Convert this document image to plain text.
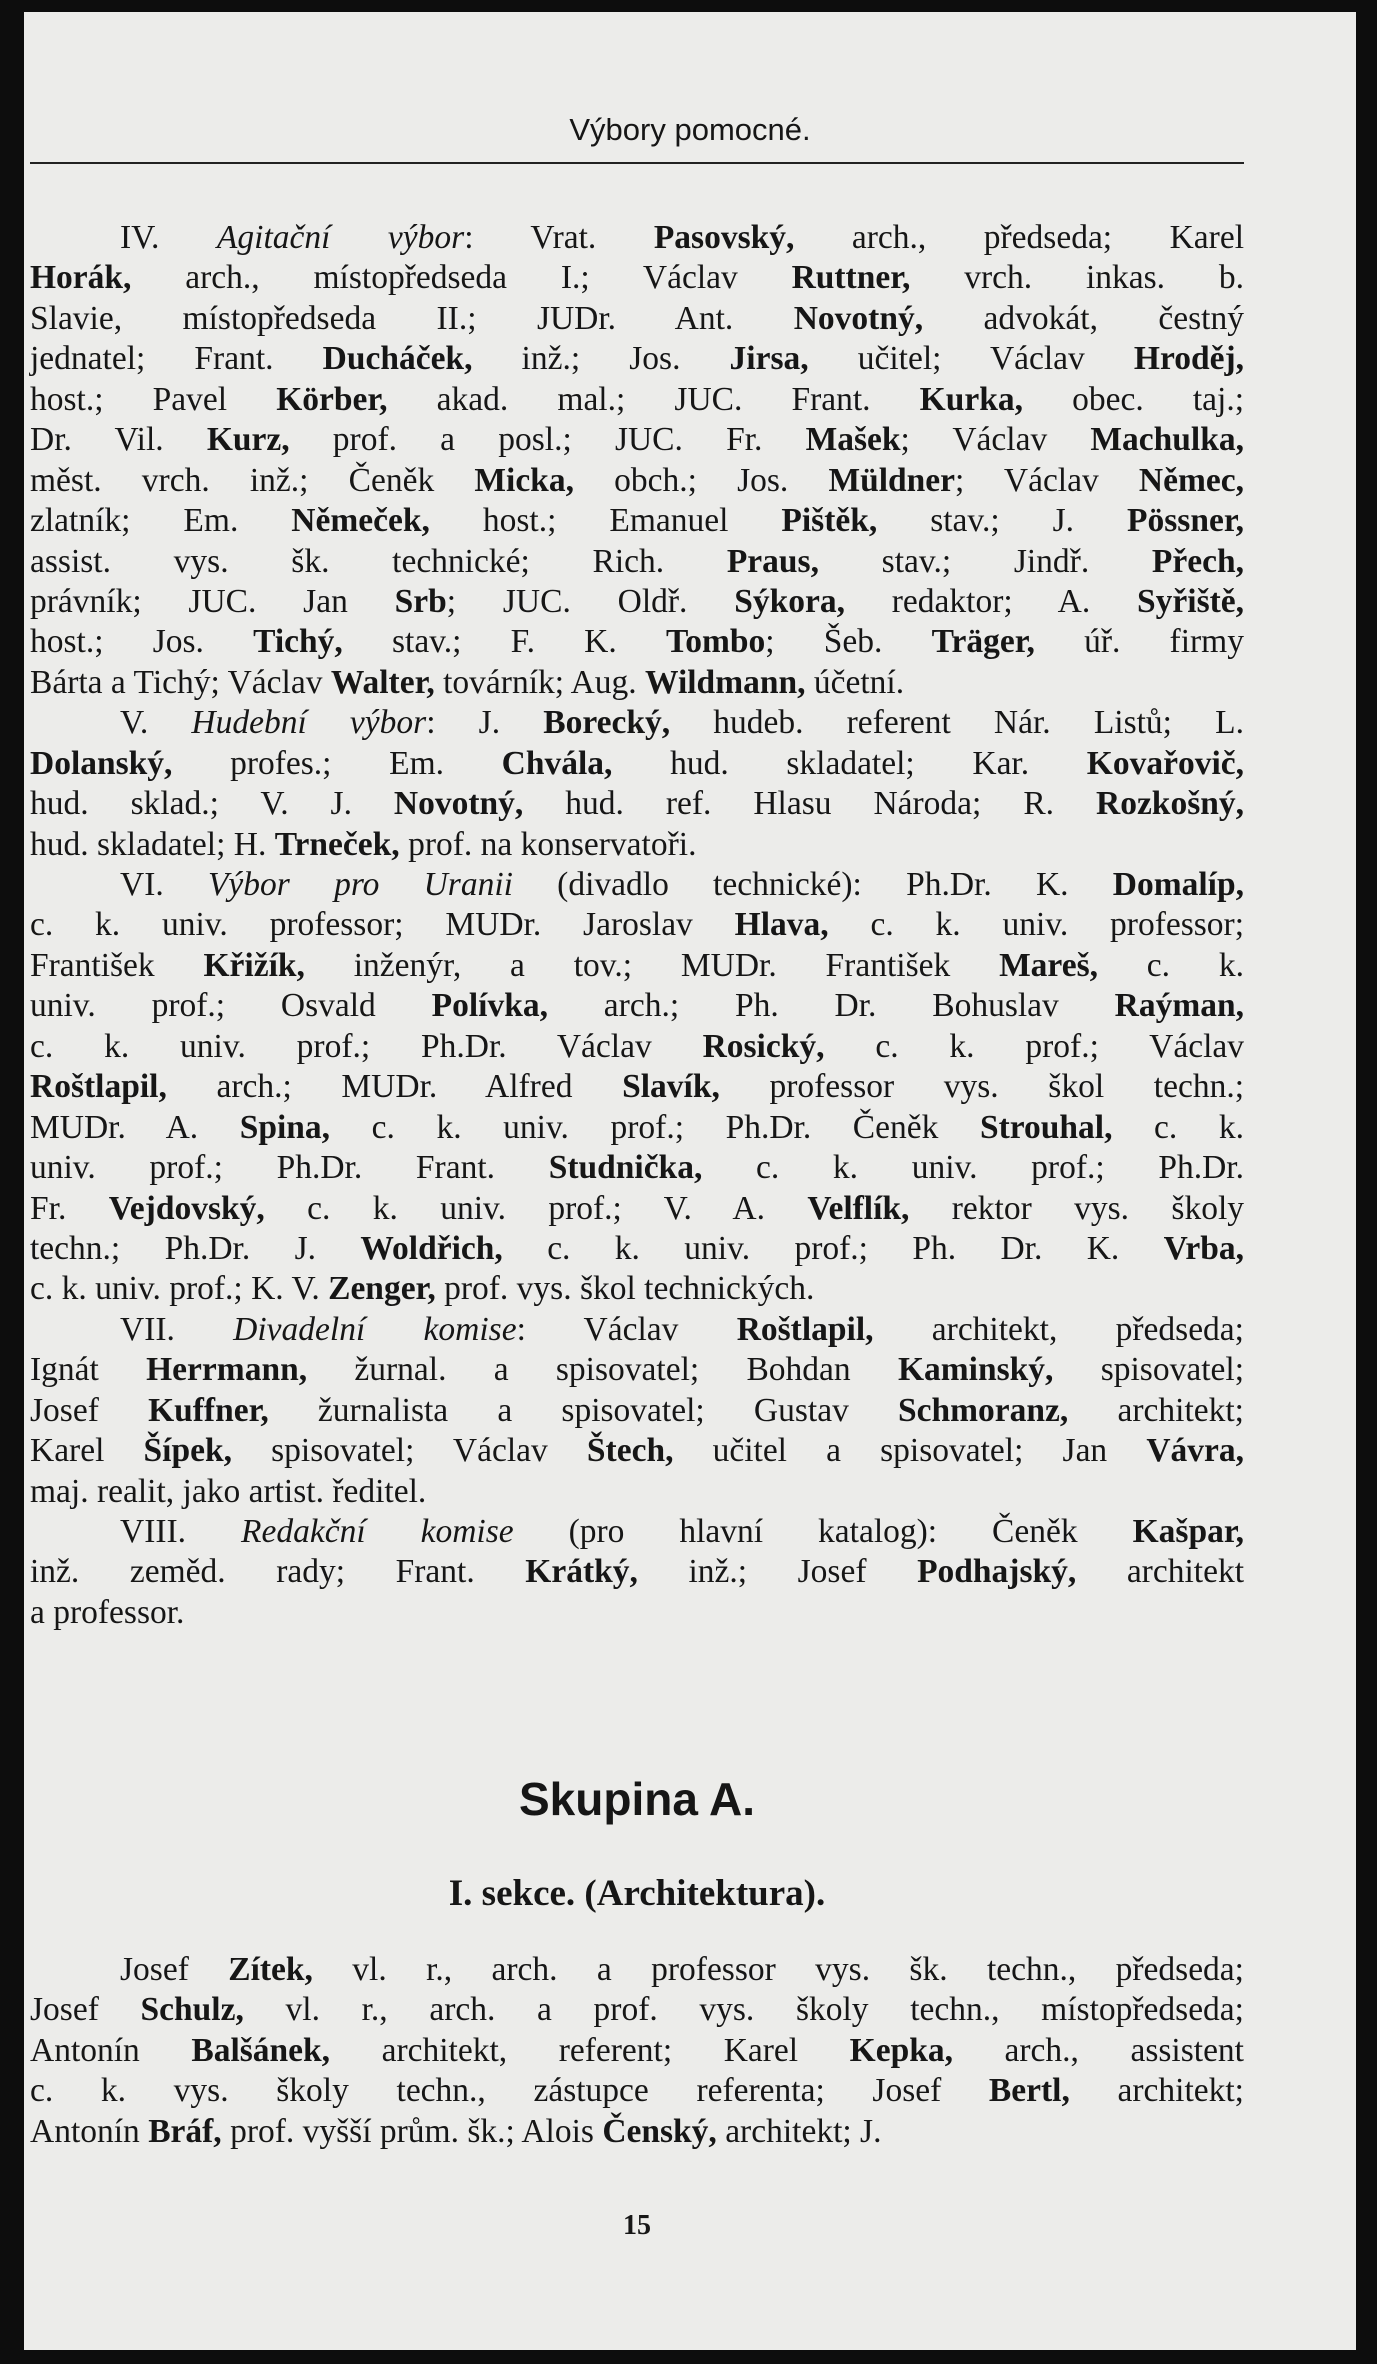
Výbory pomocné.
IV. Agitační výbor: Vrat. Pasovský, arch., předseda; Karel
Horák, arch., místopředseda I.; Václav Ruttner, vrch. inkas. b.
Slavie, místopředseda II.; JUDr. Ant. Novotný, advokát, čestný
jednatel; Frant. Ducháček, inž.; Jos. Jirsa, učitel; Václav Hroděj,
host.; Pavel Körber, akad. mal.; JUC. Frant. Kurka, obec. taj.;
Dr. Vil. Kurz, prof. a posl.; JUC. Fr. Mašek; Václav Machulka,
měst. vrch. inž.; Čeněk Micka, obch.; Jos. Müldner; Václav Němec,
zlatník; Em. Němeček, host.; Emanuel Pištěk, stav.; J. Pössner,
assist. vys. šk. technické; Rich. Praus, stav.; Jindř. Přech,
právník; JUC. Jan Srb; JUC. Oldř. Sýkora, redaktor; A. Syřiště,
host.; Jos. Tichý, stav.; F. K. Tombo; Šeb. Träger, úř. firmy
Bárta a Tichý; Václav Walter, továrník; Aug. Wildmann, účetní.
V. Hudební výbor: J. Borecký, hudeb. referent Nár. Listů; L.
Dolanský, profes.; Em. Chvála, hud. skladatel; Kar. Kovařovič,
hud. sklad.; V. J. Novotný, hud. ref. Hlasu Národa; R. Rozkošný,
hud. skladatel; H. Trneček, prof. na konservatoři.
VI. Výbor pro Uranii (divadlo technické): Ph.Dr. K. Domalíp,
c. k. univ. professor; MUDr. Jaroslav Hlava, c. k. univ. professor;
František Křižík, inženýr, a tov.; MUDr. František Mareš, c. k.
univ. prof.; Osvald Polívka, arch.; Ph. Dr. Bohuslav Raýman,
c. k. univ. prof.; Ph.Dr. Václav Rosický, c. k. prof.; Václav
Roštlapil, arch.; MUDr. Alfred Slavík, professor vys. škol techn.;
MUDr. A. Spina, c. k. univ. prof.; Ph.Dr. Čeněk Strouhal, c. k.
univ. prof.; Ph.Dr. Frant. Studnička, c. k. univ. prof.; Ph.Dr.
Fr. Vejdovský, c. k. univ. prof.; V. A. Velflík, rektor vys. školy
techn.; Ph.Dr. J. Woldřich, c. k. univ. prof.; Ph. Dr. K. Vrba,
c. k. univ. prof.; K. V. Zenger, prof. vys. škol technických.
VII. Divadelní komise: Václav Roštlapil, architekt, předseda;
Ignát Herrmann, žurnal. a spisovatel; Bohdan Kaminský, spisovatel;
Josef Kuffner, žurnalista a spisovatel; Gustav Schmoranz, architekt;
Karel Šípek, spisovatel; Václav Štech, učitel a spisovatel; Jan Vávra,
maj. realit, jako artist. ředitel.
VIII. Redakční komise (pro hlavní katalog): Čeněk Kašpar,
inž. zeměd. rady; Frant. Krátký, inž.; Josef Podhajský, architekt
a professor.
Skupina A.
I. sekce. (Architektura).
Josef Zítek, vl. r., arch. a professor vys. šk. techn., předseda;
Josef Schulz, vl. r., arch. a prof. vys. školy techn., místopředseda;
Antonín Balšánek, architekt, referent; Karel Kepka, arch., assistent
c. k. vys. školy techn., zástupce referenta; Josef Bertl, architekt;
Antonín Bráf, prof. vyšší prům. šk.; Alois Čenský, architekt; J.
15
